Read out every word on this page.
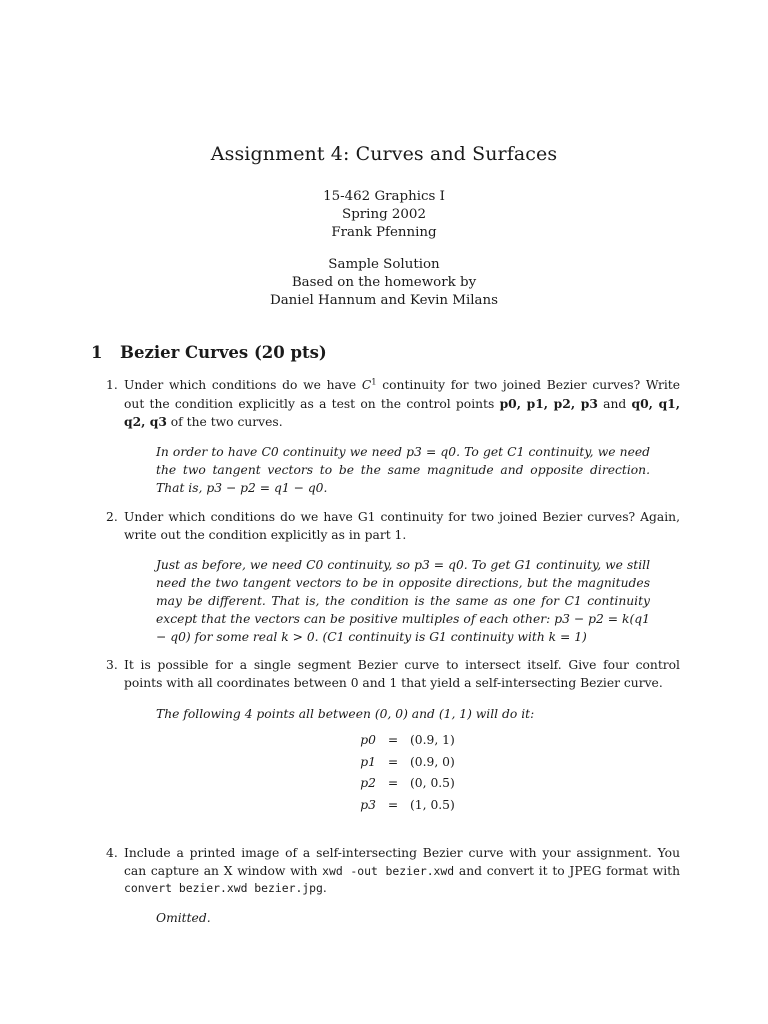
Assignment 4: Curves and Surfaces
15-462 Graphics I
Spring 2002
Frank Pfenning
Sample Solution
Based on the homework by
Daniel Hannum and Kevin Milans
1 Bezier Curves (20 pts)
1. Under which conditions do we have $C^1$ continuity for two joined Bezier curves? Write out the condition explicitly as a test on the control points p0, p1, p2, p3 and q0, q1, q2, q3 of the two curves.
In order to have C0 continuity we need p3 = q0. To get C1 continuity, we need the two tangent vectors to be the same magnitude and opposite direction. That is, p3 − p2 = q1 − q0.
2. Under which conditions do we have G1 continuity for two joined Bezier curves? Again, write out the condition explicitly as in part 1.
Just as before, we need C0 continuity, so p3 = q0. To get G1 continuity, we still need the two tangent vectors to be in opposite directions, but the magnitudes may be different. That is, the condition is the same as one for C1 continuity except that the vectors can be positive multiples of each other: p3 − p2 = k(q1 − q0) for some real k > 0. (C1 continuity is G1 continuity with k = 1)
3. It is possible for a single segment Bezier curve to intersect itself. Give four control points with all coordinates between 0 and 1 that yield a self-intersecting Bezier curve.
The following 4 points all between (0, 0) and (1, 1) will do it:
p0 = (0.9, 1)
p1 = (0.9, 0)
p2 = (0, 0.5)
p3 = (1, 0.5)
4. Include a printed image of a self-intersecting Bezier curve with your assignment. You can capture an X window with xwd -out bezier.xwd and convert it to JPEG format with convert bezier.xwd bezier.jpg.
Omitted.
